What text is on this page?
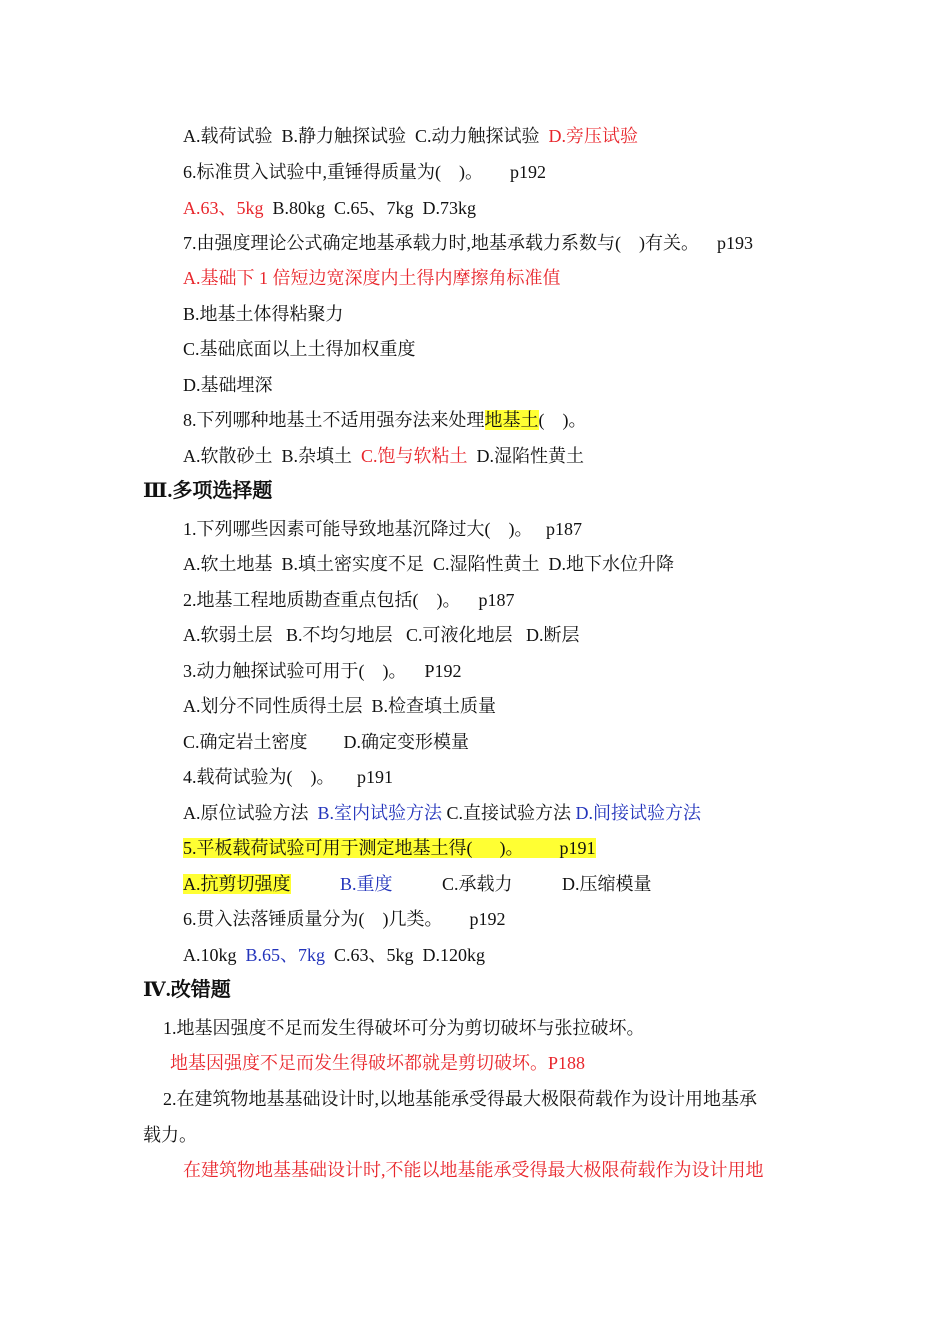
A.载荷试验  B.静力触探试验  C.动力触探试验  D.旁压试验
6.标准贯入试验中,重锤得质量为(    )。      p192
A.63、5kg  B.80kg  C.65、7kg  D.73kg
7.由强度理论公式确定地基承载力时,地基承载力系数与(    )有关。    p193
A.基础下 1 倍短边宽深度内土得内摩擦角标准值
B.地基土体得粘聚力
C.基础底面以上土得加权重度
D.基础埋深
8.下列哪种地基土不适用强夯法来处理地基土(    )。
A.软散砂土  B.杂填土  C.饱与软粘土  D.湿陷性黄土
Ⅲ.多项选择题
1.下列哪些因素可能导致地基沉降过大(    )。   p187
A.软土地基  B.填土密实度不足  C.湿陷性黄土  D.地下水位升降
2.地基工程地质勘查重点包括(    )。    p187
A.软弱土层   B.不均匀地层   C.可液化地层   D.断层
3.动力触探试验可用于(    )。    P192
A.划分不同性质得土层  B.检查填土质量
C.确定岩土密度        D.确定变形模量
4.载荷试验为(    )。     p191
A.原位试验方法  B.室内试验方法 C.直接试验方法 D.间接试验方法
5.平板载荷试验可用于测定地基土得(      )。        p191
A.抗剪切强度	B.重度           C.承载力           D.压缩模量
6.贯入法落锤质量分为(    )几类。      p192
A.10kg  B.65、7kg  C.63、5kg  D.120kg
Ⅳ.改错题
1.地基因强度不足而发生得破坏可分为剪切破坏与张拉破坏。
地基因强度不足而发生得破坏都就是剪切破坏。P188
2.在建筑物地基基础设计时,以地基能承受得最大极限荷载作为设计用地基承
载力。
在建筑物地基基础设计时,不能以地基能承受得最大极限荷载作为设计用地
